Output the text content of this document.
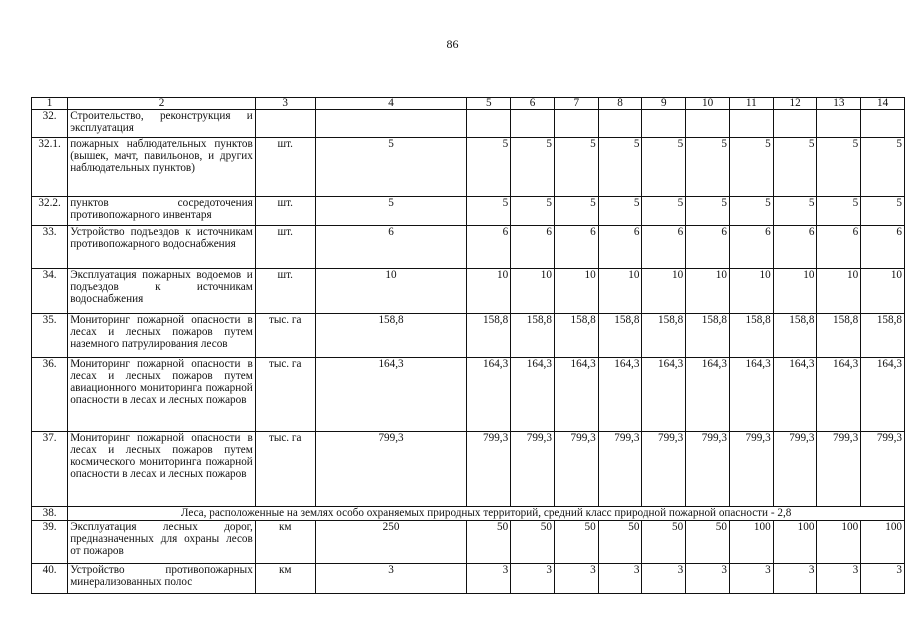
86
1	2	3	4	5	6	7	8	9	10	11	12	13	14
32.	Строительство, реконструкция и эксплуатация												
32.1.	пожарных наблюдательных пунктов (вышек, мачт, павильонов, и других наблюдательных пунктов)	шт.	5	5	5	5	5	5	5	5	5	5	5
32.2.	пунктов сосредоточения противопожарного инвентаря	шт.	5	5	5	5	5	5	5	5	5	5	5
33.	Устройство подъездов к источникам противопожарного водоснабжения	шт.	6	6	6	6	6	6	6	6	6	6	6
34.	Эксплуатация пожарных водоемов и подъездов к источникам водоснабжения	шт.	10	10	10	10	10	10	10	10	10	10	10
35.	Мониторинг пожарной опасности в лесах и лесных пожаров путем наземного патрулирования лесов	тыс. га	158,8	158,8	158,8	158,8	158,8	158,8	158,8	158,8	158,8	158,8	158,8
36.	Мониторинг пожарной опасности в лесах и лесных пожаров путем авиационного мониторинга пожарной опасности в лесах и лесных пожаров	тыс. га	164,3	164,3	164,3	164,3	164,3	164,3	164,3	164,3	164,3	164,3	164,3
37.	Мониторинг пожарной опасности в лесах и лесных пожаров путем космического мониторинга пожарной опасности в лесах и лесных пожаров	тыс. га	799,3	799,3	799,3	799,3	799,3	799,3	799,3	799,3	799,3	799,3	799,3
38.	Леса, расположенные на землях особо охраняемых природных территорий, средний класс природной пожарной опасности - 2,8												
39.	Эксплуатация лесных дорог, предназначенных для охраны лесов от пожаров	км	250	50	50	50	50	50	50	100	100	100	100
40.	Устройство противопожарных минерализованных полос	км	3	3	3	3	3	3	3	3	3	3	3
